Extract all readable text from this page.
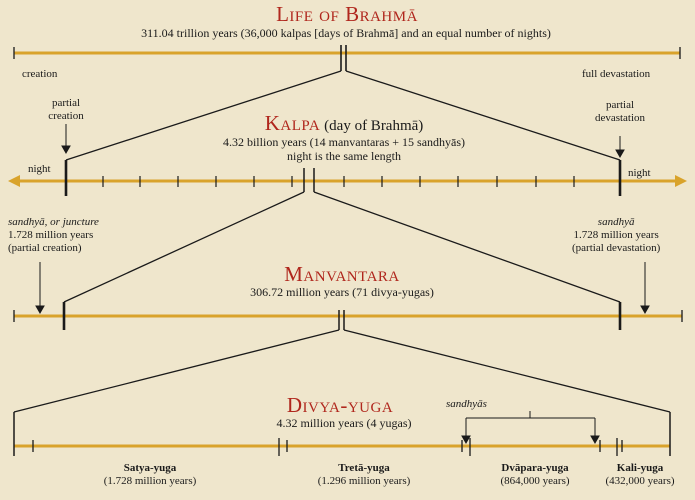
Life of Brahmā
311.04 trillion years (36,000 kalpas [days of Brahmā] and an equal number of nights)
creation	full devastation
partial
creation
partial
devastation
Kalpa (day of Brahmā)
4.32 billion years (14 manvantaras + 15 sandhyās)
night is the same length
night	night
sandhyā, or juncture
1.728 million years
(partial creation)
sandhyā
1.728 million years
(partial devastation)
Manvantara
306.72 million years (71 divya-yugas)
Divya-yuga
4.32 million years (4 yugas)
sandhyās
Satya-yuga
(1.728 million years)
Tretā-yuga
(1.296 million years)
Dvāpara-yuga
(864,000 years)
Kali-yuga
(432,000 years)
